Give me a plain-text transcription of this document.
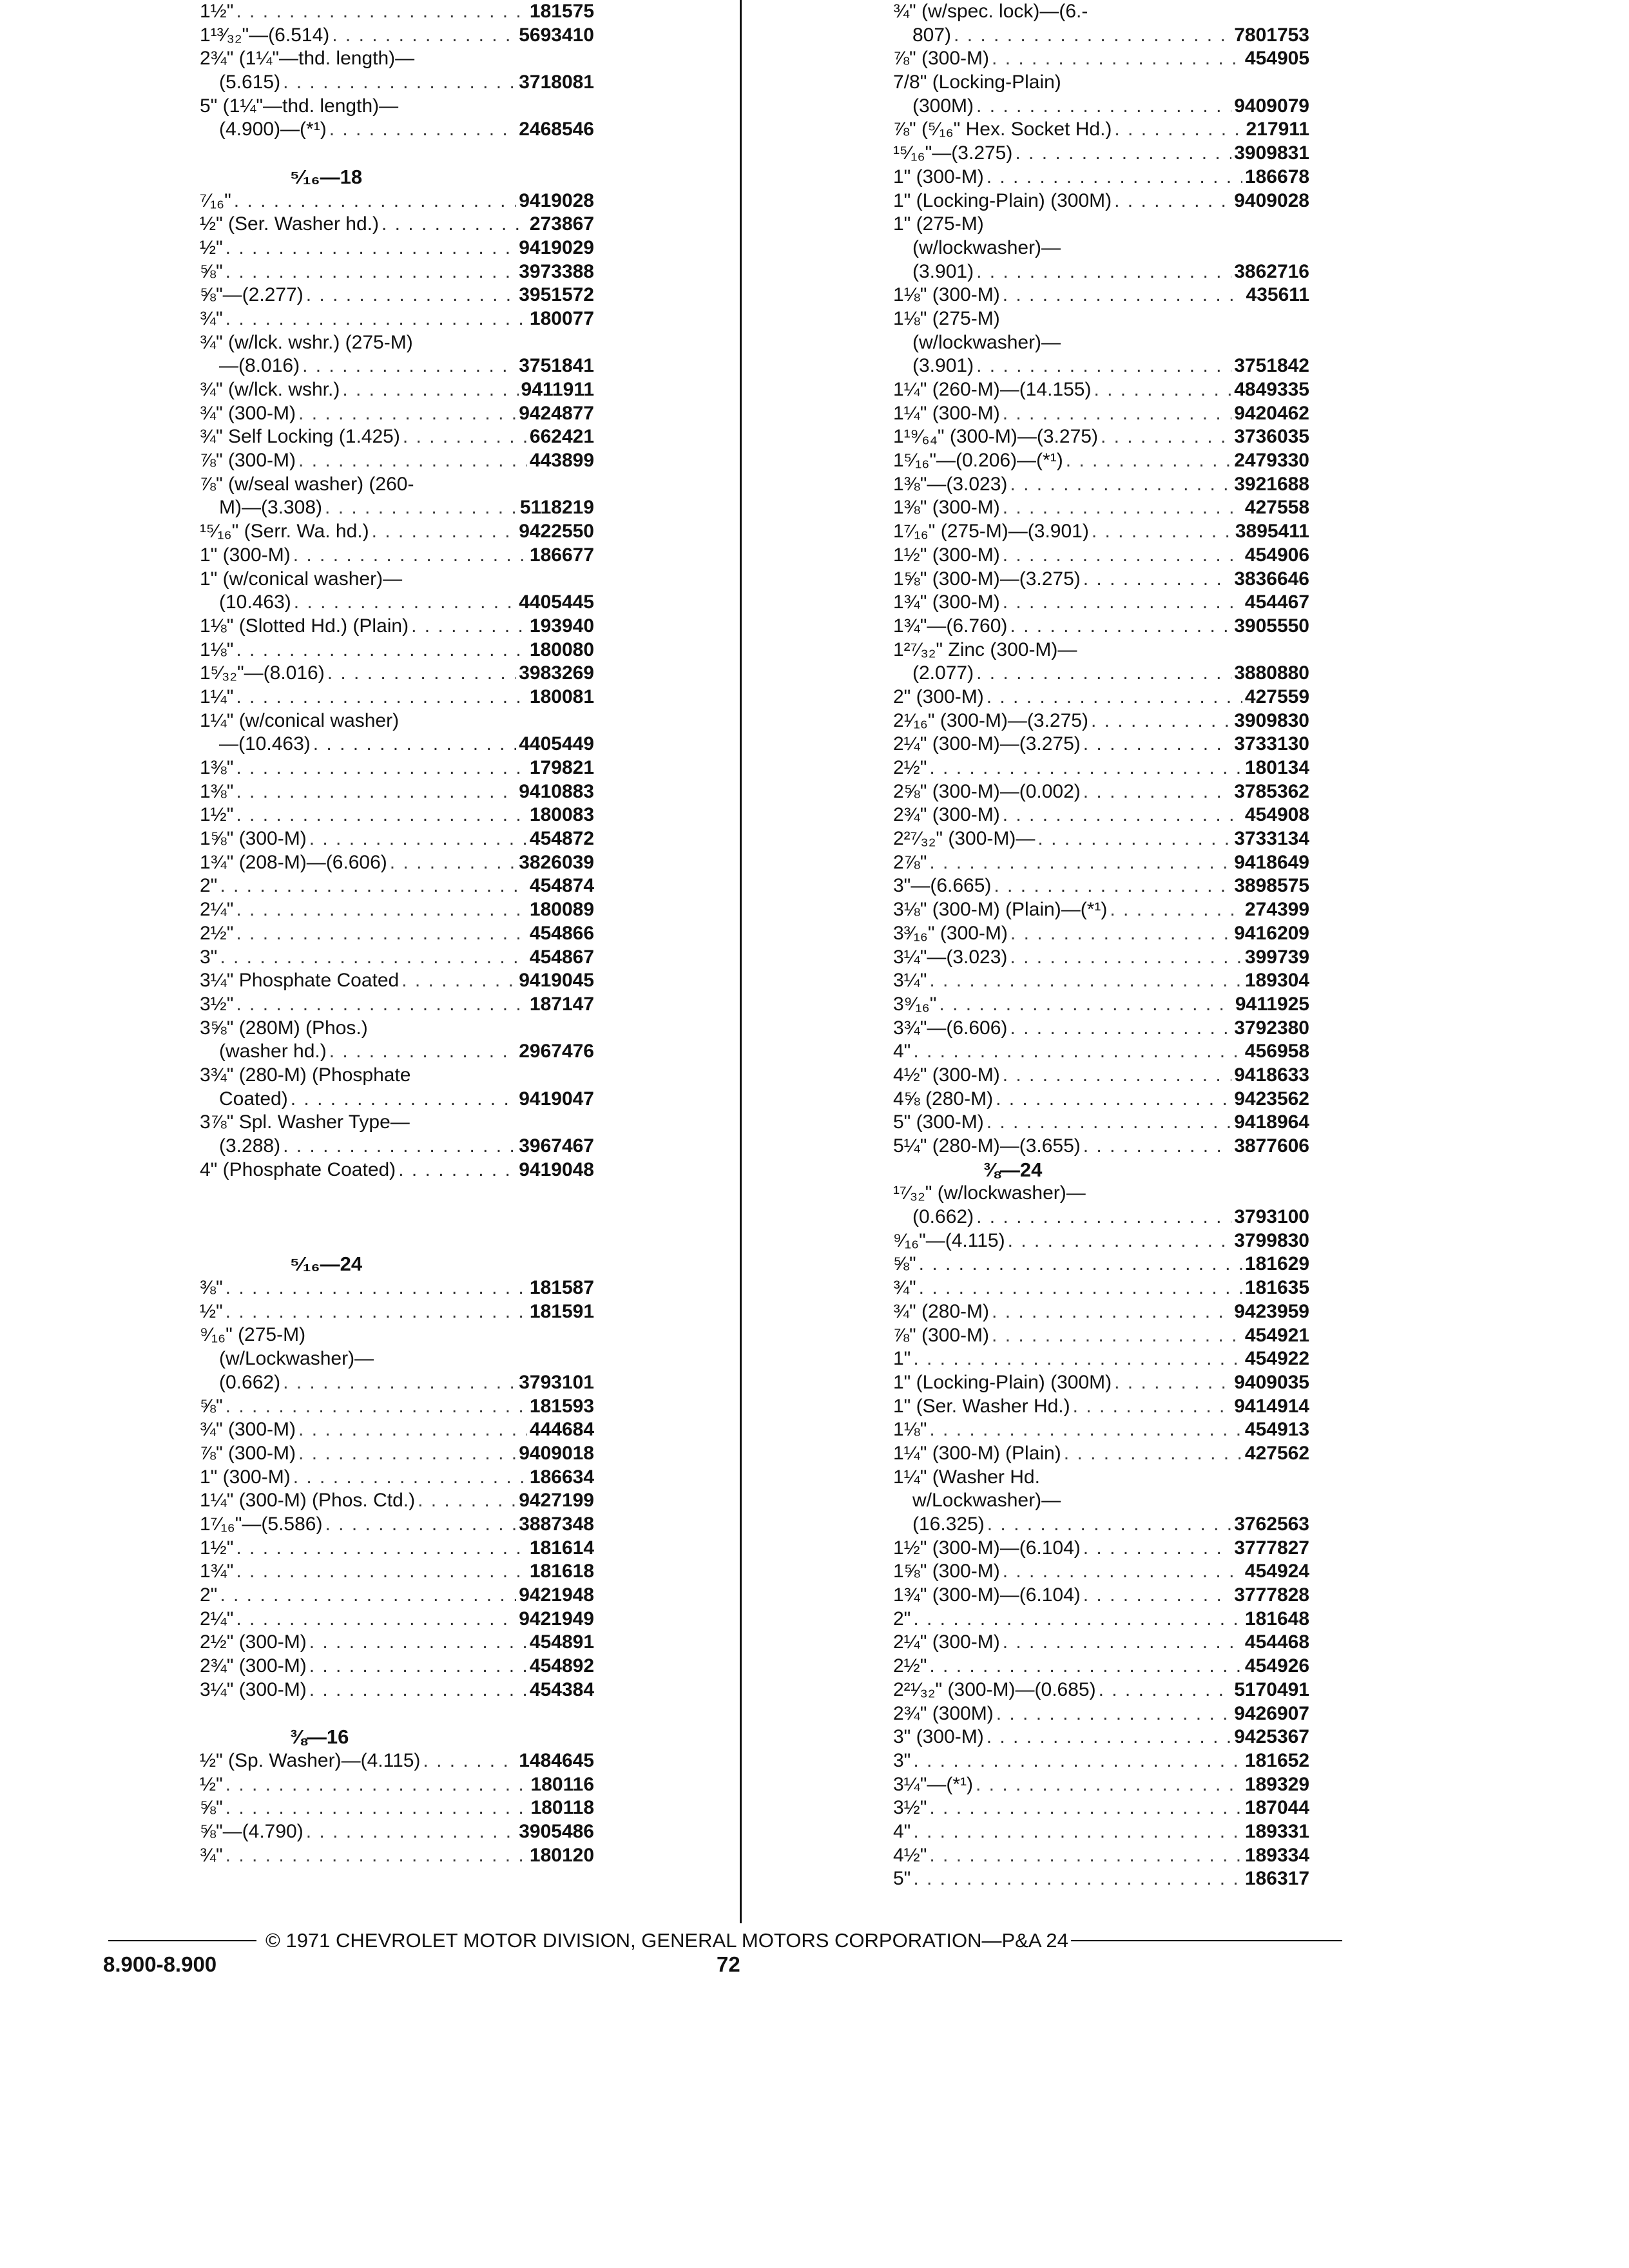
1½" . . .	181575
1¹³⁄₃₂"—(6.514) . . .	5693410
2¾" (1¼"—thd. length)—
(5.615) . . .	3718081
5" (1¼"—thd. length)—
(4.900)—(*¹) . . .	2468546
⁵⁄₁₆—18
⁷⁄₁₆" . . .	9419028
½" (Ser. Washer hd.) . . .	273867
½" . . .	9419029
⅝" . . .	3973388
⅝"—(2.277) . . .	3951572
¾" . . .	180077
¾" (w/lck. wshr.) (275-M)
—(8.016) . . .	3751841
¾" (w/lck. wshr.) . . .	9411911
¾" (300-M) . . .	9424877
¾" Self Locking (1.425) . . .	662421
⅞" (300-M) . . .	443899
⅞" (w/seal washer) (260-
M)—(3.308) . . .	5118219
¹⁵⁄₁₆" (Serr. Wa. hd.) . . .	9422550
1" (300-M) . . .	186677
1" (w/conical washer)—
(10.463) . . .	4405445
1⅛" (Slotted Hd.) (Plain) . . .	193940
1⅛" . . .	180080
1⁵⁄₃₂"—(8.016) . . .	3983269
1¼" . . .	180081
1¼" (w/conical washer)
—(10.463) . . .	4405449
1⅜" . . .	179821
1⅜" . . .	9410883
1½" . . .	180083
1⅝" (300-M) . . .	454872
1¾" (208-M)—(6.606) . . .	3826039
2" . . .	454874
2¼" . . .	180089
2½" . . .	454866
3" . . .	454867
3¼" Phosphate Coated . . .	9419045
3½" . . .	187147
3⅝" (280M) (Phos.)
(washer hd.) . . .	2967476
3¾" (280-M) (Phosphate
Coated) . . .	9419047
3⅞" Spl. Washer Type—
(3.288) . . .	3967467
4" (Phosphate Coated) . . .	9419048
⁵⁄₁₆—24
⅜" . . .	181587
½" . . .	181591
⁹⁄₁₆" (275-M)
(w/Lockwasher)—
(0.662) . . .	3793101
⅝" . . .	181593
¾" (300-M) . . .	444684
⅞" (300-M) . . .	9409018
1" (300-M) . . .	186634
1¼" (300-M) (Phos. Ctd.) . . .	9427199
1⁷⁄₁₆"—(5.586) . . .	3887348
1½" . . .	181614
1¾" . . .	181618
2" . . .	9421948
2¼" . . .	9421949
2½" (300-M) . . .	454891
2¾" (300-M) . . .	454892
3¼" (300-M) . . .	454384
⅜—16
½" (Sp. Washer)—(4.115) . . .	1484645
½" . . .	180116
⅝" . . .	180118
⅝"—(4.790) . . .	3905486
¾" . . .	180120
¾" (w/spec. lock)—(6.-
807) . . .	7801753
⅞" (300-M) . . .	454905
7/8" (Locking-Plain)
(300M) . . .	9409079
⅞" (⁵⁄₁₆" Hex. Socket Hd.) . . .	217911
¹⁵⁄₁₆"—(3.275) . . .	3909831
1" (300-M) . . .	186678
1" (Locking-Plain) (300M) . . .	9409028
1" (275-M)
(w/lockwasher)—
(3.901) . . .	3862716
1⅛" (300-M) . . .	435611
1⅛" (275-M)
(w/lockwasher)—
(3.901) . . .	3751842
1¼" (260-M)—(14.155) . . .	4849335
1¼" (300-M) . . .	9420462
1¹⁹⁄₆₄" (300-M)—(3.275) . . .	3736035
1⁵⁄₁₆"—(0.206)—(*¹) . . .	2479330
1⅜"—(3.023) . . .	3921688
1⅜" (300-M) . . .	427558
1⁷⁄₁₆" (275-M)—(3.901) . . .	3895411
1½" (300-M) . . .	454906
1⅝" (300-M)—(3.275) . . .	3836646
1¾" (300-M) . . .	454467
1¾"—(6.760) . . .	3905550
1²⁷⁄₃₂" Zinc (300-M)—
(2.077) . . .	3880880
2" (300-M) . . .	427559
2¹⁄₁₆" (300-M)—(3.275) . . .	3909830
2¼" (300-M)—(3.275) . . .	3733130
2½" . . .	180134
2⅝" (300-M)—(0.002) . . .	3785362
2¾" (300-M) . . .	454908
2²⁷⁄₃₂" (300-M)— . . .	3733134
2⅞" . . .	9418649
3"—(6.665) . . .	3898575
3⅛" (300-M) (Plain)—(*¹) . . .	274399
3³⁄₁₆" (300-M) . . .	9416209
3¼"—(3.023) . . .	399739
3¼" . . .	189304
3⁹⁄₁₆" . . .	9411925
3¾"—(6.606) . . .	3792380
4" . . .	456958
4½" (300-M) . . .	9418633
4⅝ (280-M) . . .	9423562
5" (300-M) . . .	9418964
5¼" (280-M)—(3.655) . . .	3877606
⅜—24
¹⁷⁄₃₂" (w/lockwasher)—
(0.662) . . .	3793100
⁹⁄₁₆"—(4.115) . . .	3799830
⅝" . . .	181629
¾" . . .	181635
¾" (280-M) . . .	9423959
⅞" (300-M) . . .	454921
1" . . .	454922
1" (Locking-Plain) (300M) . . .	9409035
1" (Ser. Washer Hd.) . . .	9414914
1⅛" . . .	454913
1¼" (300-M) (Plain) . . .	427562
1¼" (Washer Hd.
w/Lockwasher)—
(16.325) . . .	3762563
1½" (300-M)—(6.104) . . .	3777827
1⅝" (300-M) . . .	454924
1¾" (300-M)—(6.104) . . .	3777828
2" . . .	181648
2¼" (300-M) . . .	454468
2½" . . .	454926
2²¹⁄₃₂" (300-M)—(0.685) . . .	5170491
2¾" (300M) . . .	9426907
3" (300-M) . . .	9425367
3" . . .	181652
3¼"—(*¹) . . .	189329
3½" . . .	187044
4" . . .	189331
4½" . . .	189334
5" . . .	186317
© 1971 CHEVROLET MOTOR DIVISION, GENERAL MOTORS CORPORATION—P&A 24
8.900-8.900	72
